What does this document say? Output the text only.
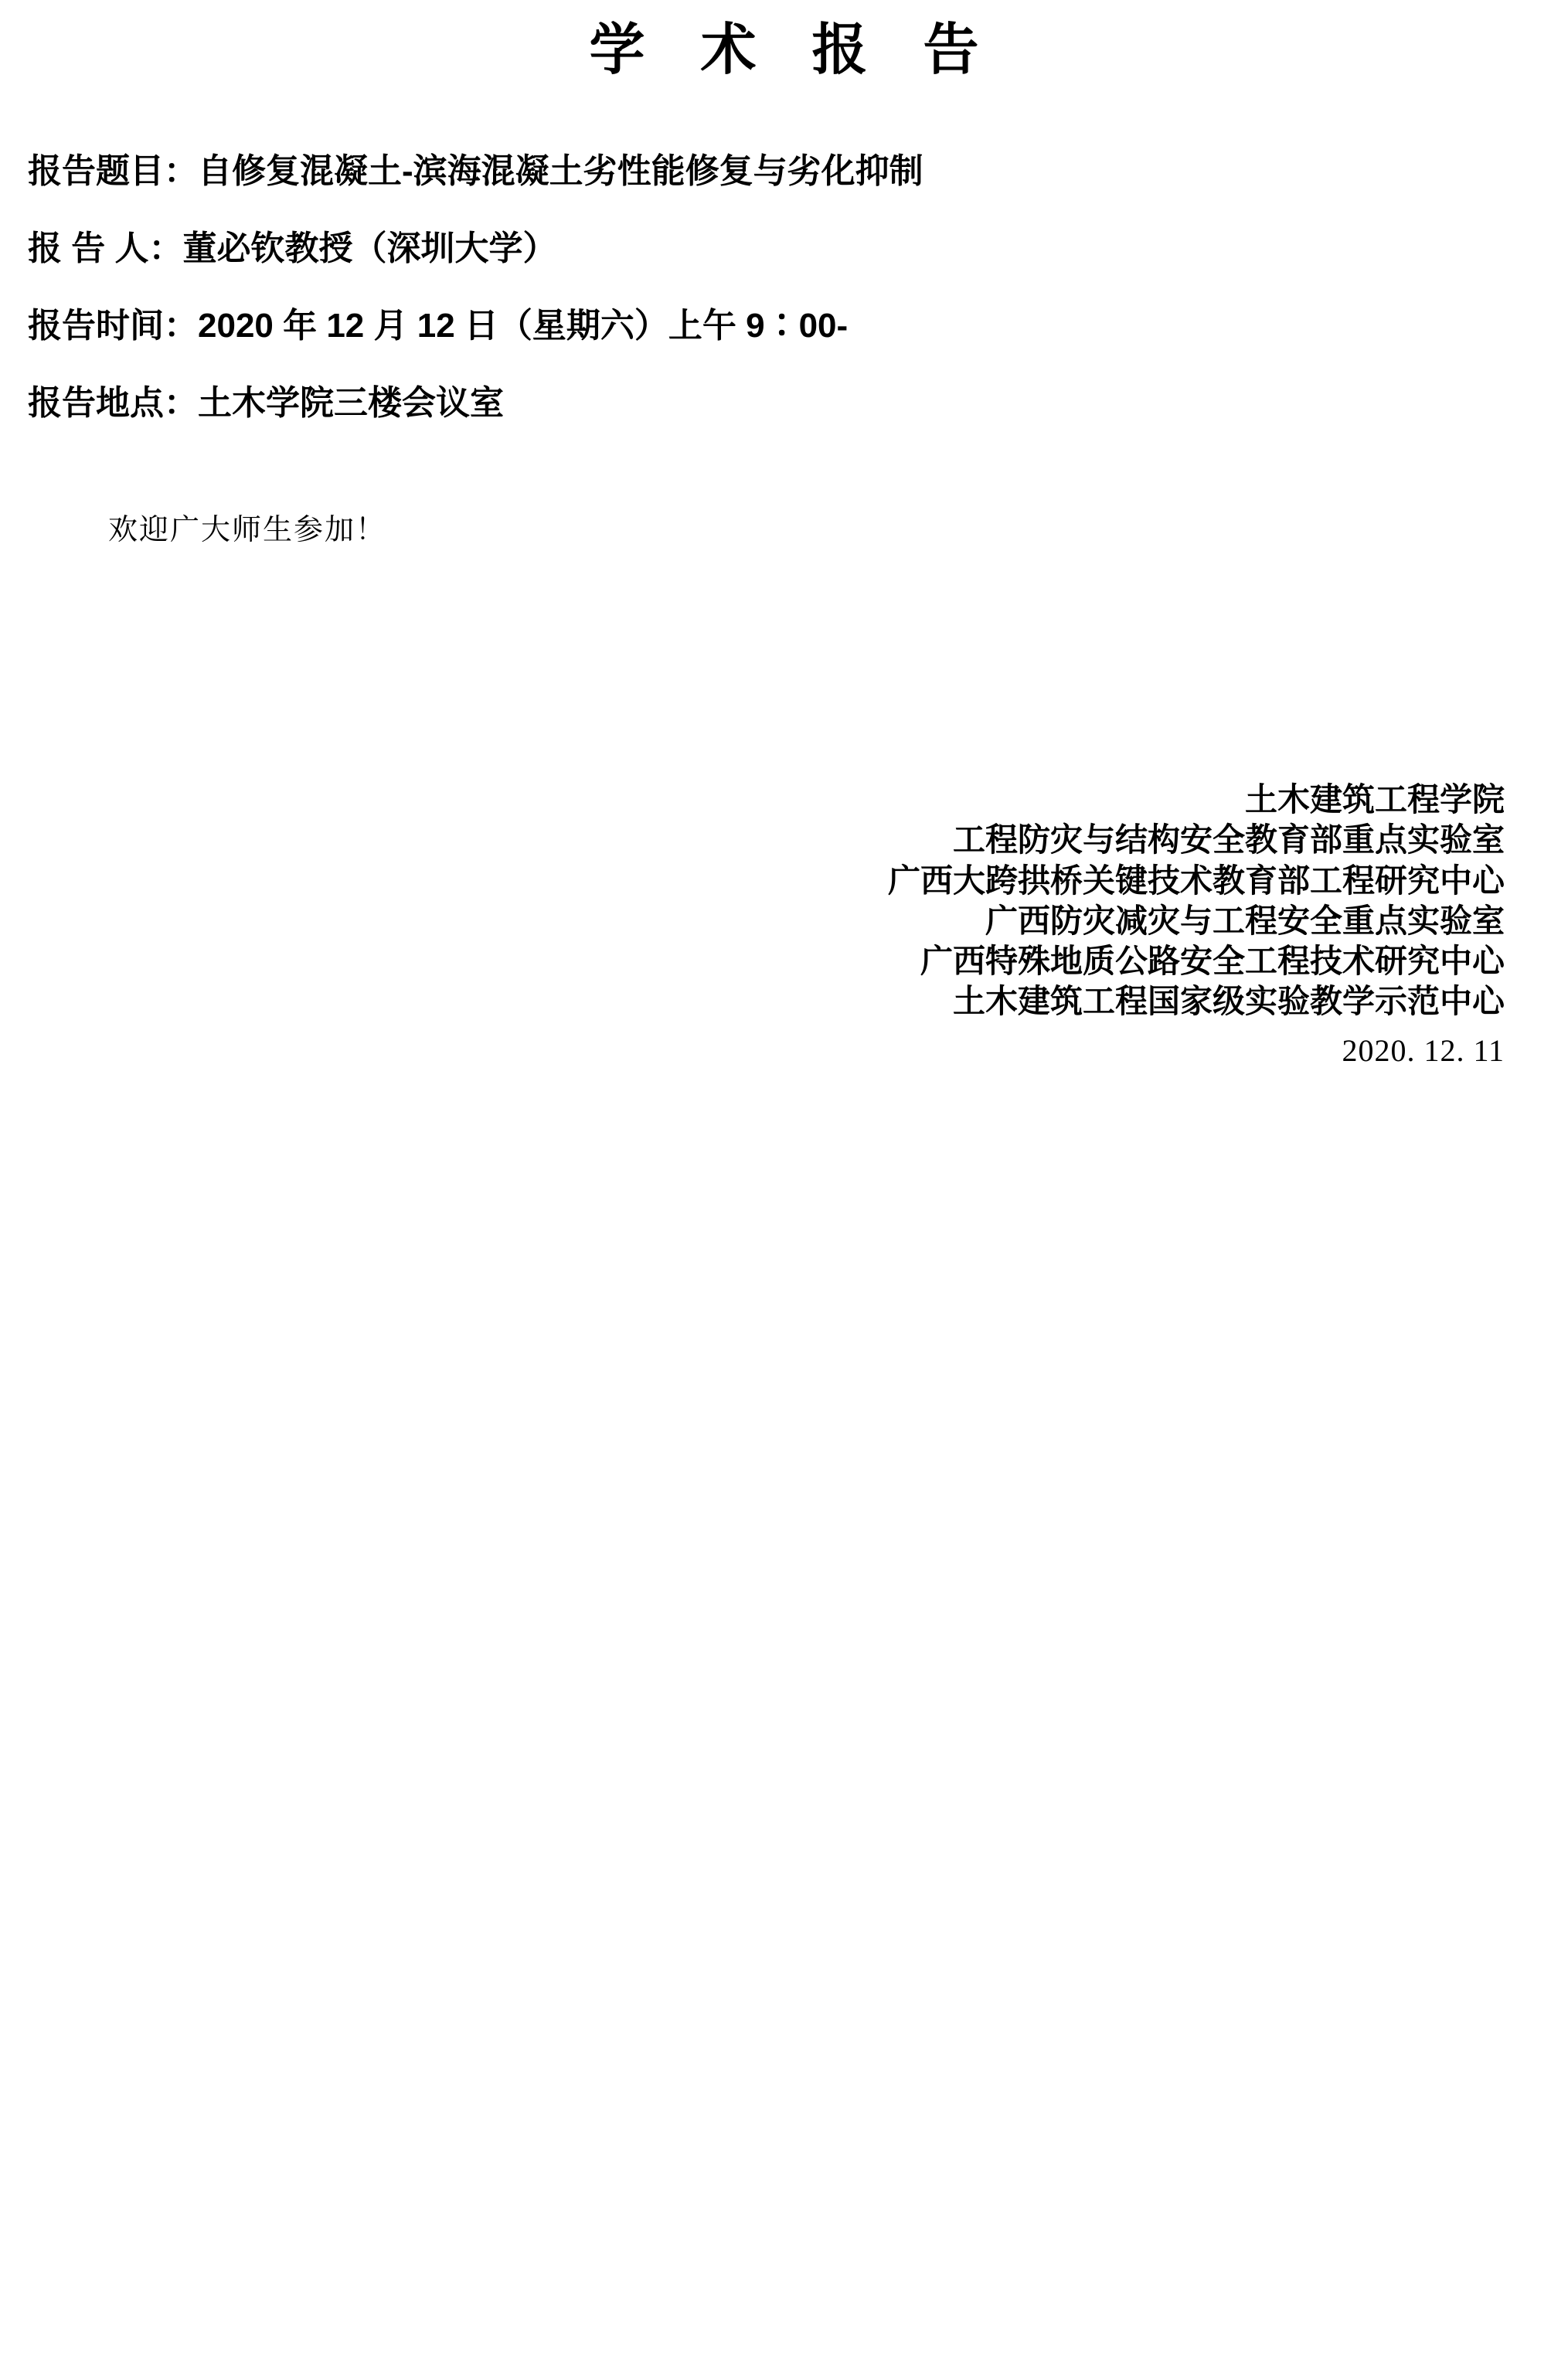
学 术 报 告
报告题目：自修复混凝土-滨海混凝土劣性能修复与劣化抑制
报 告 人：董必钦教授（深圳大学）
报告时间：2020 年 12 月 12 日（星期六）上午 9∶00-
报告地点：土木学院三楼会议室
欢迎广大师生参加！
土木建筑工程学院
工程防灾与结构安全教育部重点实验室
广西大跨拱桥关键技术教育部工程研究中心
广西防灾减灾与工程安全重点实验室
广西特殊地质公路安全工程技术研究中心
土木建筑工程国家级实验教学示范中心
2020. 12. 11
